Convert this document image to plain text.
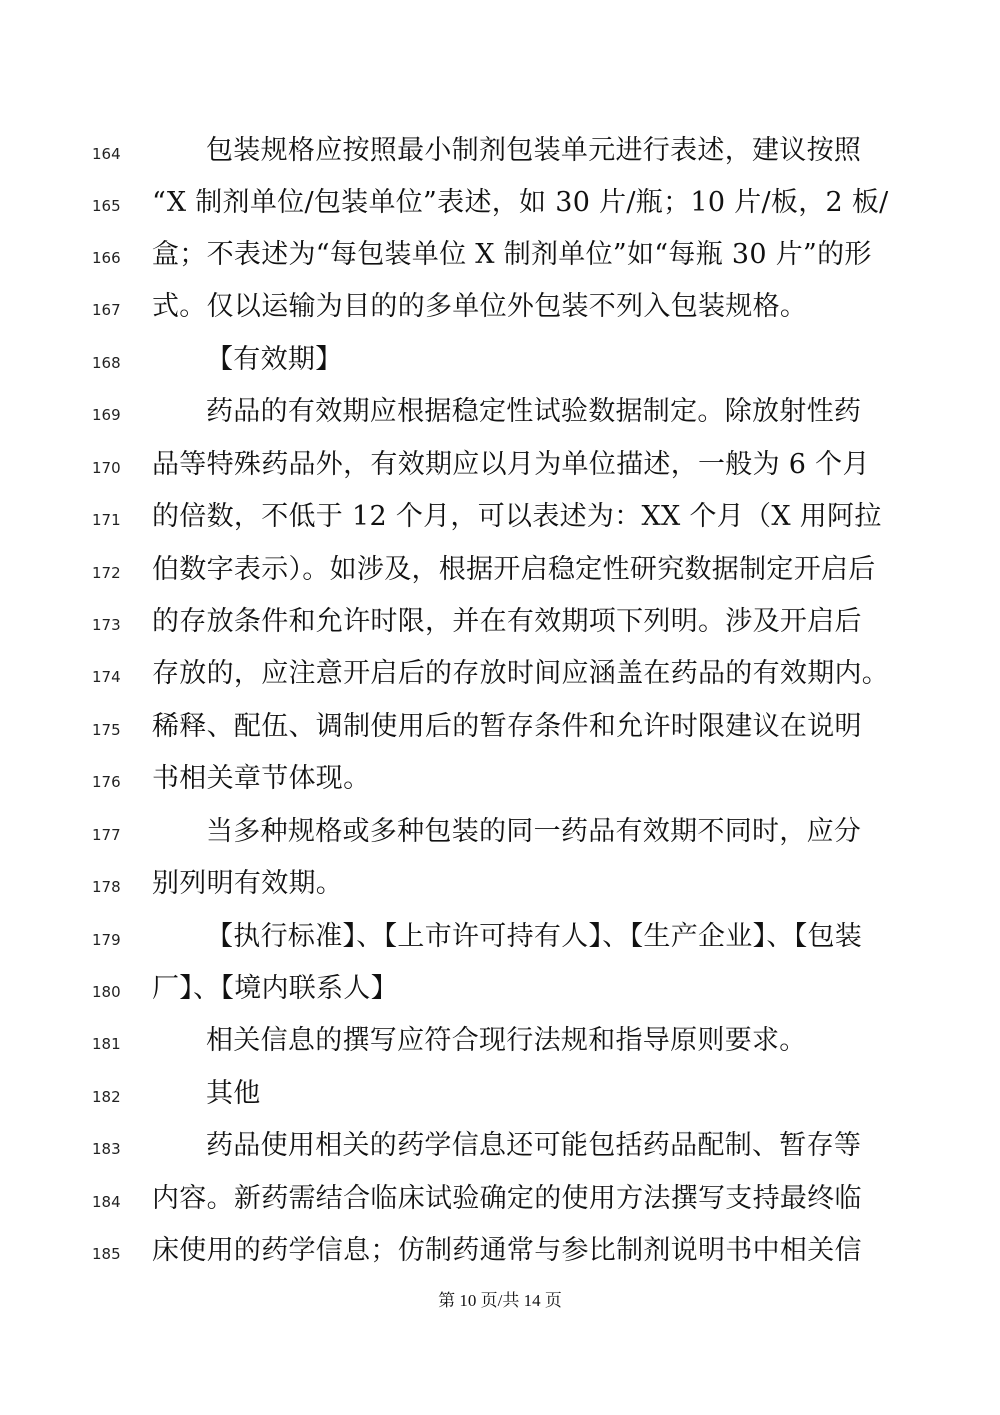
164	包装规格应按照最小制剂包装单元进行表述，建议按照
165 “X 制剂单位/包装单位”表述，如 30 片/瓶；10 片/板，2 板/
166 盒；不表述为“每包装单位 X 制剂单位”如“每瓶 30 片”的形
167 式。仅以运输为目的的多单位外包装不列入包装规格。
168	【有效期】
169	药品的有效期应根据稳定性试验数据制定。除放射性药
170 品等特殊药品外，有效期应以月为单位描述，一般为 6 个月
171 的倍数，不低于 12 个月，可以表述为：XX 个月（X 用阿拉
172 伯数字表示）。如涉及，根据开启稳定性研究数据制定开启后
173 的存放条件和允许时限，并在有效期项下列明。涉及开启后
174 存放的，应注意开启后的存放时间应涵盖在药品的有效期内。
175 稀释、配伍、调制使用后的暂存条件和允许时限建议在说明
176 书相关章节体现。
177	当多种规格或多种包装的同一药品有效期不同时，应分
178 别列明有效期。
179	【执行标准】、【上市许可持有人】、【生产企业】、【包装
180 厂】、【境内联系人】
181	相关信息的撰写应符合现行法规和指导原则要求。
182	其他
183	药品使用相关的药学信息还可能包括药品配制、暂存等
184 内容。新药需结合临床试验确定的使用方法撰写支持最终临
185 床使用的药学信息；仿制药通常与参比制剂说明书中相关信
第 10 页/共 14 页
